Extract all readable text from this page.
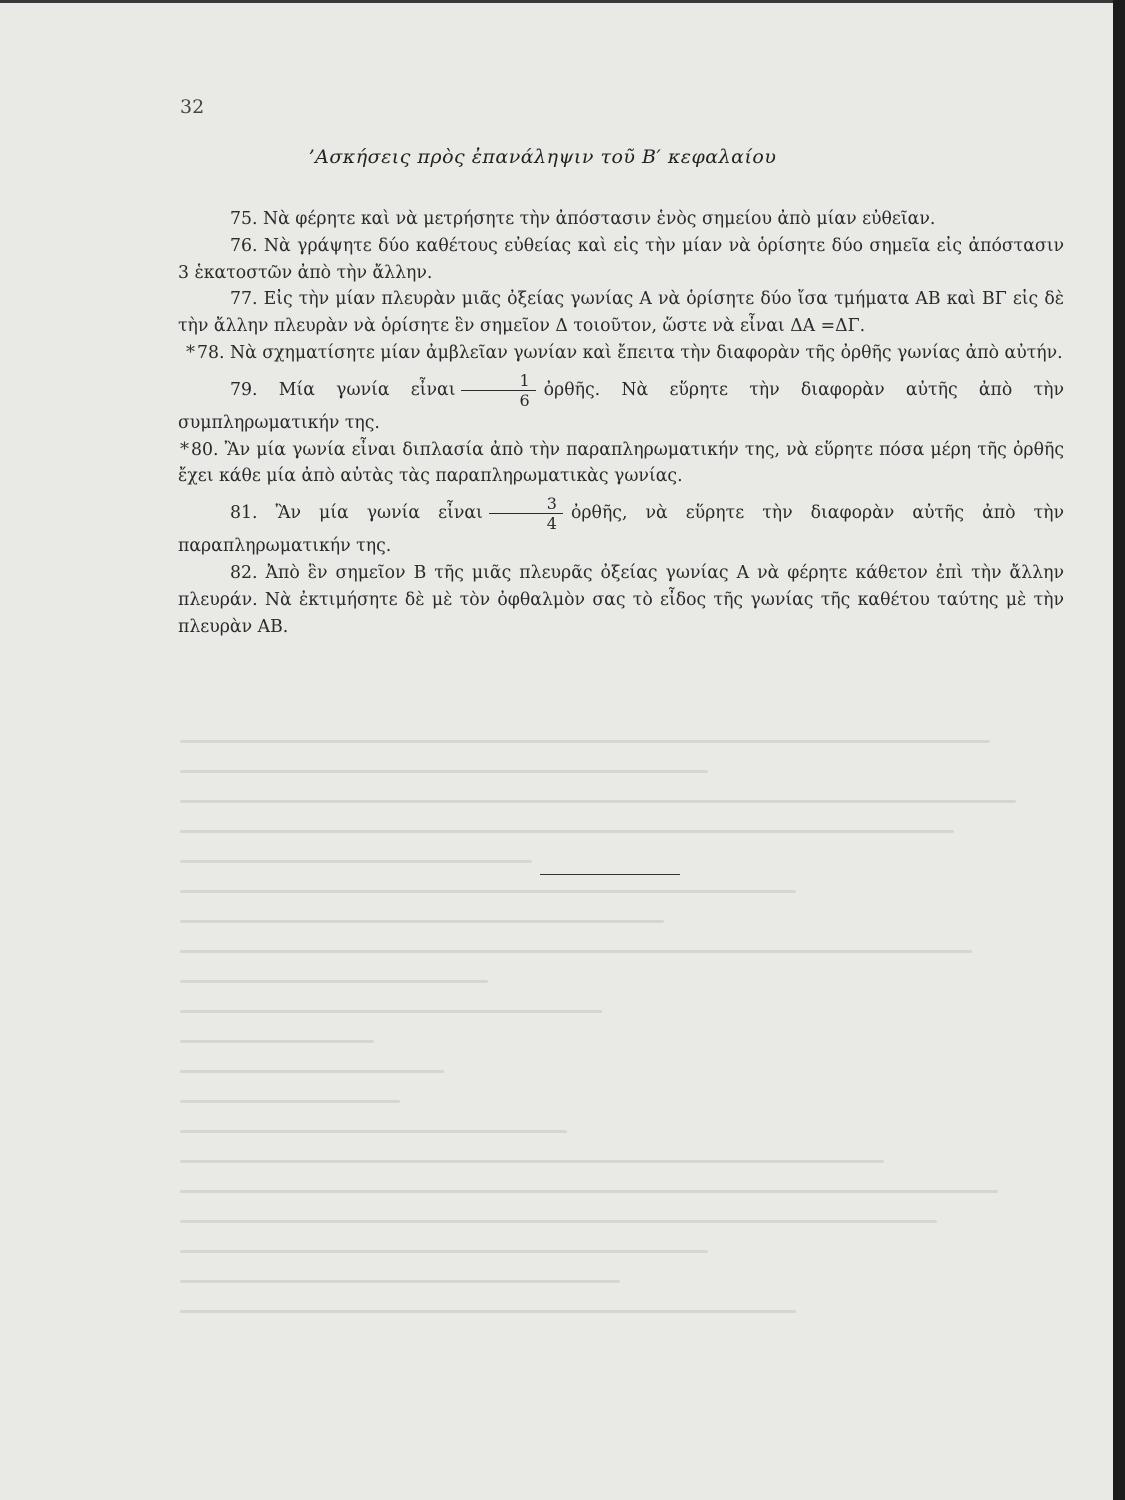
32
’Ασκήσεις πρὸς ἐπανάληψιν τοῦ Β′ κεφαλαίου

75. Νὰ φέρητε καὶ νὰ μετρήσητε τὴν ἀπόστασιν ἑνὸς σημείου ἀπὸ μίαν εὐθεῖαν.

76. Νὰ γράψητε δύο καθέτους εὐθείας καὶ εἰς τὴν μίαν νὰ ὁρίσητε δύο σημεῖα εἰς ἀπόστασιν 3 ἑκατοστῶν ἀπὸ τὴν ἄλλην.

77. Εἰς τὴν μίαν πλευρὰν μιᾶς ὀξείας γωνίας Α νὰ ὁρίσητε δύο ἴσα τμήματα ΑΒ καὶ ΒΓ εἰς δὲ τὴν ἄλλην πλευρὰν νὰ ὁρίσητε ἓν σημεῖον Δ τοιοῦτον, ὥστε νὰ εἶναι ΔΑ =ΔΓ.

* 78. Νὰ σχηματίσητε μίαν ἀμβλεῖαν γωνίαν καὶ ἔπειτα τὴν διαφορὰν τῆς ὀρθῆς γωνίας ἀπὸ αὐτήν.

79. Μία γωνία εἶναι $\frac{1}{6}$ ὀρθῆς. Νὰ εὕρητε τὴν διαφορὰν αὐτῆς ἀπὸ τὴν συμπληρωματικήν της.

* 80. Ἂν μία γωνία εἶναι διπλασία ἀπὸ τὴν παραπληρωματικήν της, νὰ εὕρητε πόσα μέρη τῆς ὀρθῆς ἔχει κάθε μία ἀπὸ αὐτὰς τὰς παραπληρωματικὰς γωνίας.

81. Ἂν μία γωνία εἶναι $\frac{3}{4}$ ὀρθῆς, νὰ εὕρητε τὴν διαφορὰν αὐτῆς ἀπὸ τὴν παραπληρωματικήν της.

82. Ἀπὸ ἓν σημεῖον Β τῆς μιᾶς πλευρᾶς ὀξείας γωνίας Α νὰ φέρητε κάθετον ἐπὶ τὴν ἄλλην πλευράν. Νὰ ἐκτιμήσητε δὲ μὲ τὸν ὀφθαλμὸν σας τὸ εἶδος τῆς γωνίας τῆς καθέτου ταύτης μὲ τὴν πλευρὰν ΑΒ.
